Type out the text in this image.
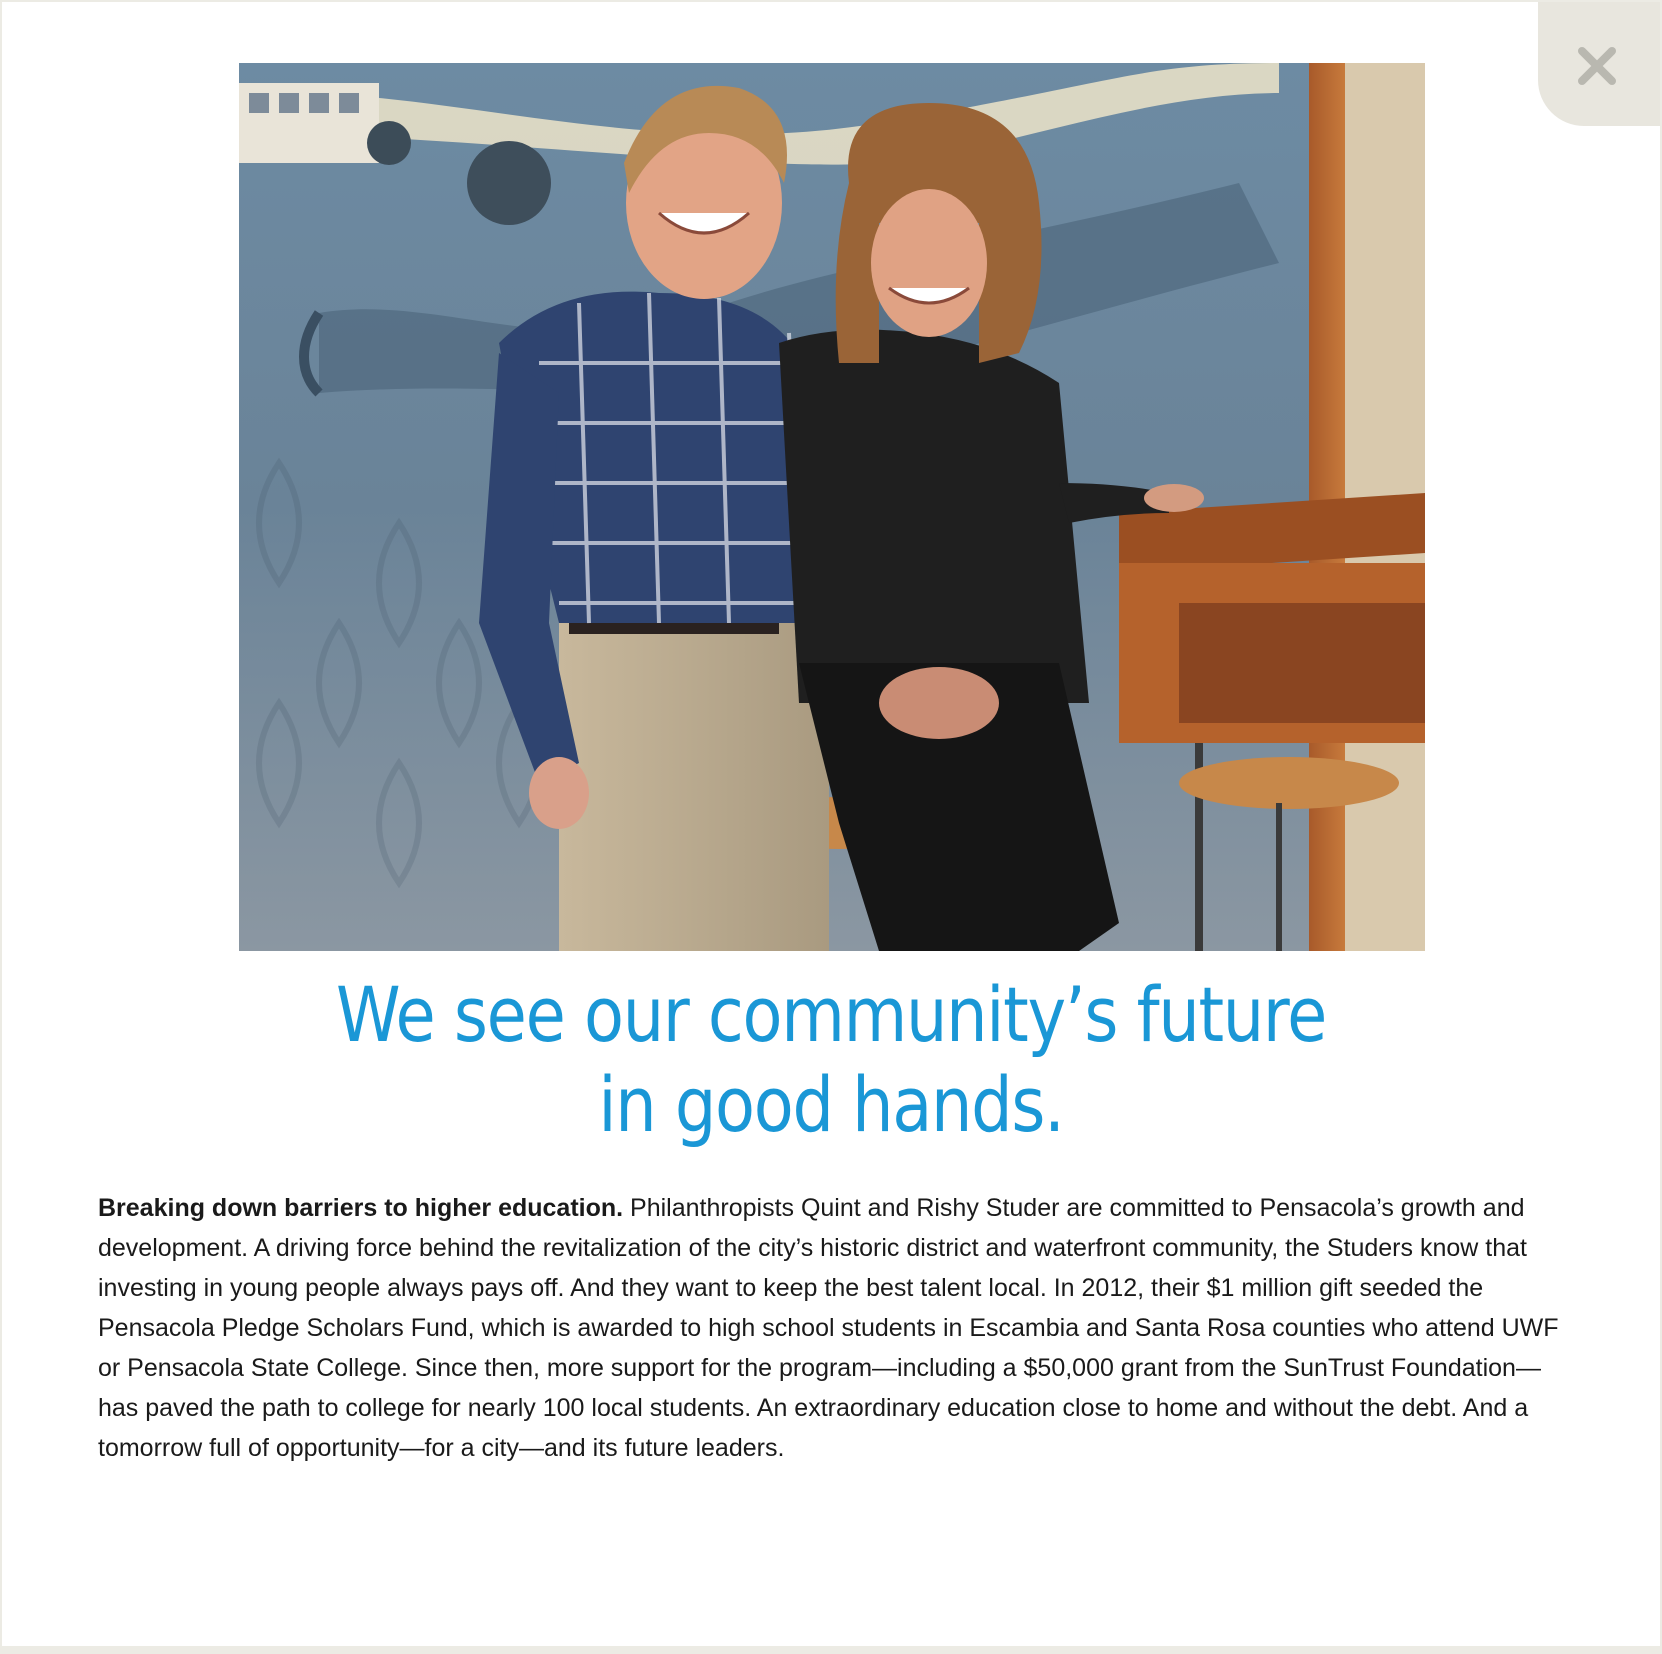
We see our community’s future
in good hands.

Breaking down barriers to higher education. Philanthropists Quint and Rishy Studer are committed to Pensacola’s growth and development. A driving force behind the revitalization of the city’s historic district and waterfront community, the Studers know that investing in young people always pays off. And they want to keep the best talent local. In 2012, their $1 million gift seeded the Pensacola Pledge Scholars Fund, which is awarded to high school students in Escambia and Santa Rosa counties who attend UWF or Pensacola State College. Since then, more support for the program—including a $50,000 grant from the SunTrust Foundation—has paved the path to college for nearly 100 local students. An extraordinary education close to home and without the debt. And a tomorrow full of opportunity—for a city—and its future leaders.
